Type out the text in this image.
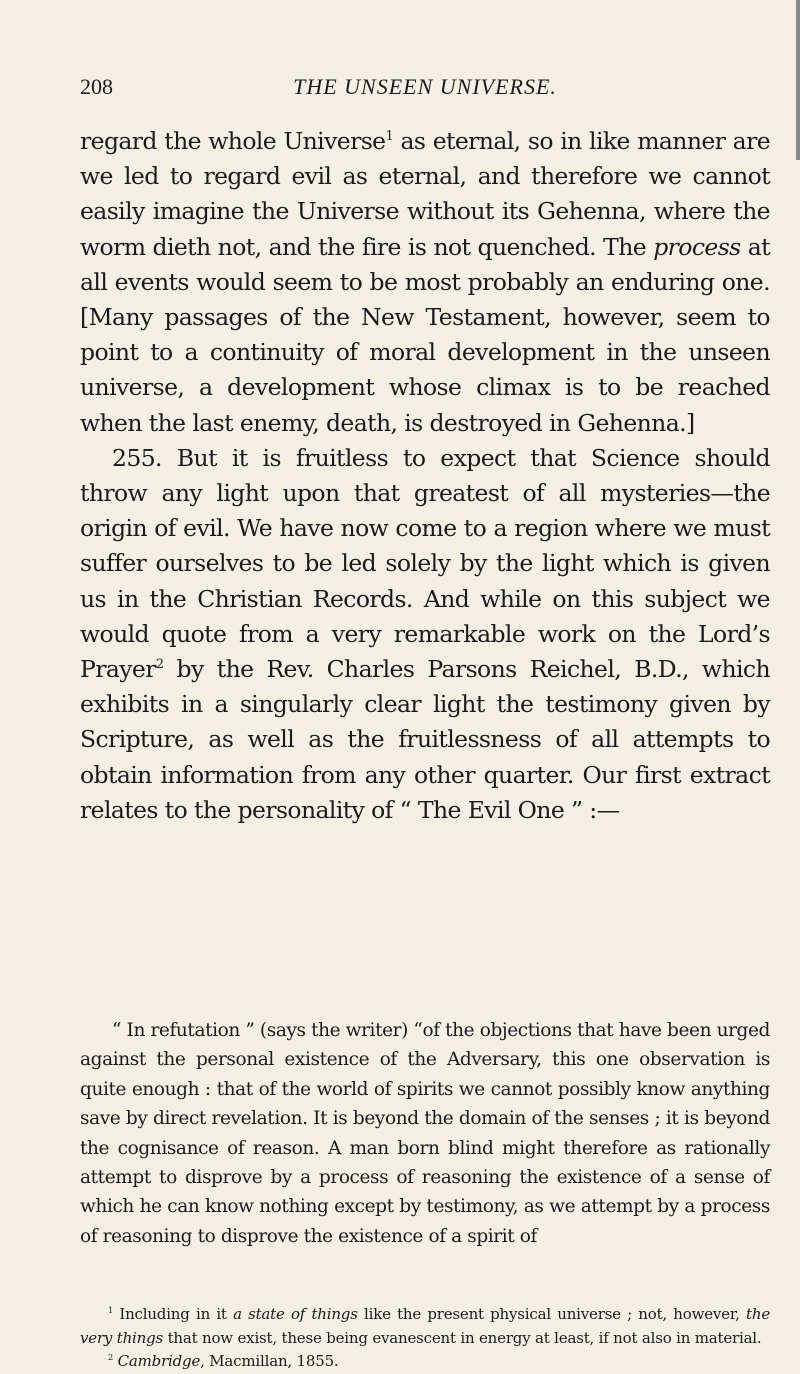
208	THE UNSEEN UNIVERSE.

regard the whole Universe$^1$ as eternal, so in like manner are we led to regard evil as eternal, and therefore we cannot easily imagine the Universe without its Gehenna, where the worm dieth not, and the fire is not quenched. The process at all events would seem to be most probably an enduring one. [Many passages of the New Testament, however, seem to point to a continuity of moral development in the unseen universe, a development whose climax is to be reached when the last enemy, death, is destroyed in Gehenna.]

255. But it is fruitless to expect that Science should throw any light upon that greatest of all mysteries—the origin of evil. We have now come to a region where we must suffer ourselves to be led solely by the light which is given us in the Christian Records. And while on this subject we would quote from a very remarkable work on the Lord’s Prayer$^2$ by the Rev. Charles Parsons Reichel, B.D., which exhibits in a singularly clear light the testimony given by Scripture, as well as the fruitlessness of all attempts to obtain information from any other quarter. Our first extract relates to the personality of “ The Evil One ” :—

“ In refutation ” (says the writer) “of the objections that have been urged against the personal existence of the Adversary, this one observation is quite enough : that of the world of spirits we cannot possibly know anything save by direct revelation. It is beyond the domain of the senses ; it is beyond the cognisance of reason. A man born blind might therefore as rationally attempt to disprove by a process of reasoning the existence of a sense of which he can know nothing except by testimony, as we attempt by a process of reasoning to disprove the existence of a spirit of

$^1$ Including in it a state of things like the present physical universe ; not, however, the very things that now exist, these being evanescent in energy at least, if not also in material.

$^2$ Cambridge, Macmillan, 1855.
